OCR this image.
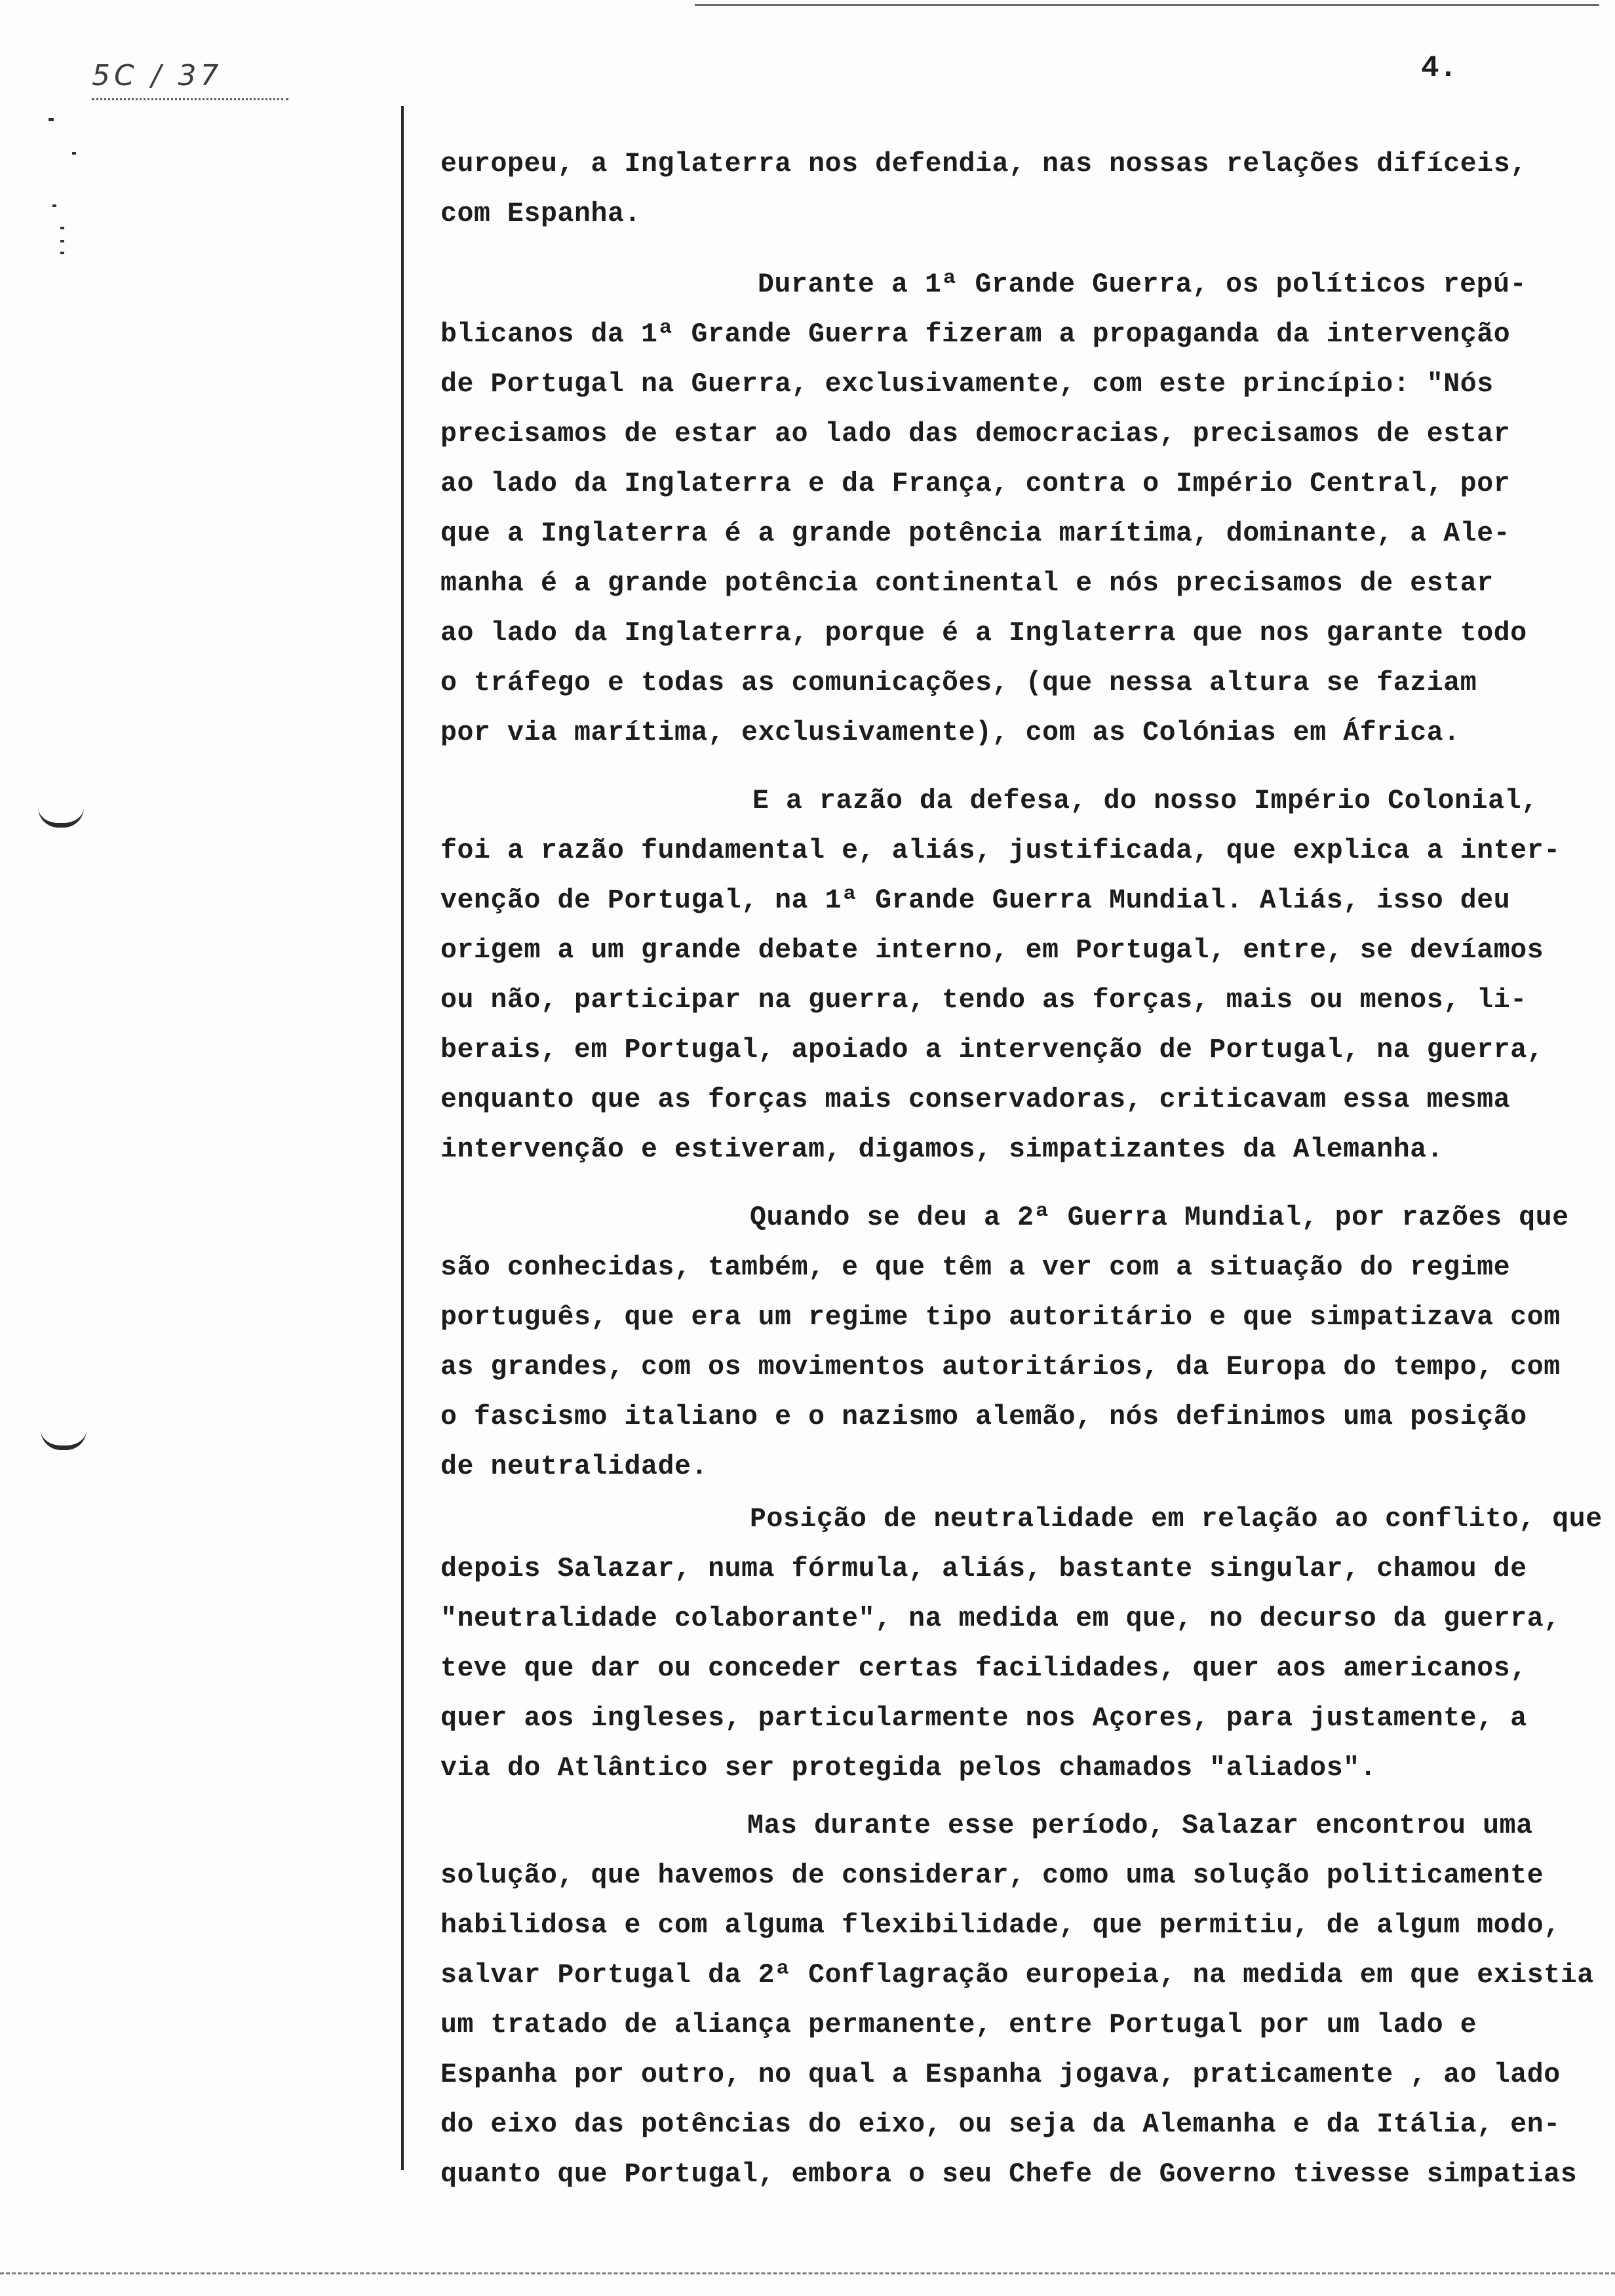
5C / 37	4.
europeu, a Inglaterra nos defendia, nas nossas relações difíceis,
com Espanha.
Durante a 1ª Grande Guerra, os políticos repú-
blicanos da 1ª Grande Guerra fizeram a propaganda da intervenção
de Portugal na Guerra, exclusivamente, com este princípio: "Nós
precisamos de estar ao lado das democracias, precisamos de estar
ao lado da Inglaterra e da França, contra o Império Central, por
que a Inglaterra é a grande potência marítima, dominante, a Ale-
manha é a grande potência continental e nós precisamos de estar
ao lado da Inglaterra, porque é a Inglaterra que nos garante todo
o tráfego e todas as comunicações, (que nessa altura se faziam
por via marítima, exclusivamente), com as Colónias em África.
E a razão da defesa, do nosso Império Colonial,
foi a razão fundamental e, aliás, justificada, que explica a inter-
venção de Portugal, na 1ª Grande Guerra Mundial. Aliás, isso deu
origem a um grande debate interno, em Portugal, entre, se devíamos
ou não, participar na guerra, tendo as forças, mais ou menos, li-
berais, em Portugal, apoiado a intervenção de Portugal, na guerra,
enquanto que as forças mais conservadoras, criticavam essa mesma
intervenção e estiveram, digamos, simpatizantes da Alemanha.
Quando se deu a 2ª Guerra Mundial, por razões que
são conhecidas, também, e que têm a ver com a situação do regime
português, que era um regime tipo autoritário e que simpatizava com
as grandes, com os movimentos autoritários, da Europa do tempo, com
o fascismo italiano e o nazismo alemão, nós definimos uma posição
de neutralidade.
Posição de neutralidade em relação ao conflito, que
depois Salazar, numa fórmula, aliás, bastante singular, chamou de
"neutralidade colaborante", na medida em que, no decurso da guerra,
teve que dar ou conceder certas facilidades, quer aos americanos,
quer aos ingleses, particularmente nos Açores, para justamente, a
via do Atlântico ser protegida pelos chamados "aliados".
Mas durante esse período, Salazar encontrou uma
solução, que havemos de considerar, como uma solução politicamente
habilidosa e com alguma flexibilidade, que permitiu, de algum modo,
salvar Portugal da 2ª Conflagração europeia, na medida em que existia
um tratado de aliança permanente, entre Portugal por um lado e
Espanha por outro, no qual a Espanha jogava, praticamente , ao lado
do eixo das potências do eixo, ou seja da Alemanha e da Itália, en-
quanto que Portugal, embora o seu Chefe de Governo tivesse simpatias
